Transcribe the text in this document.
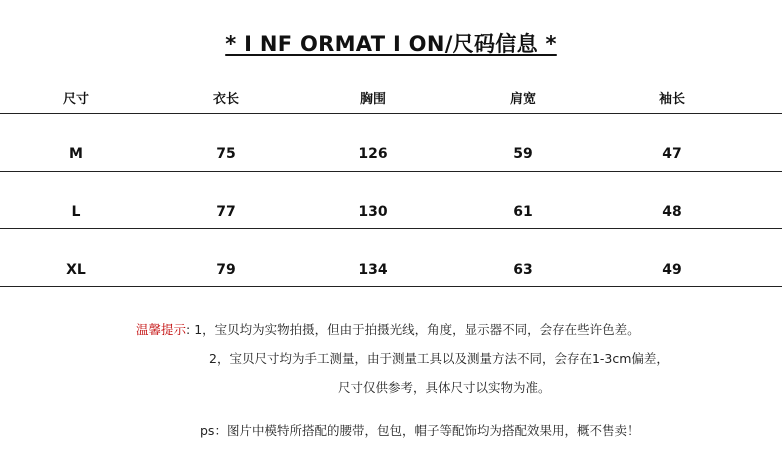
* I NF ORMAT I ON/尺码信息 *
尺寸	衣长	胸围	肩宽	袖长
M	75	126	59	47
L	77	130	61	48
XL	79	134	63	49
温馨提示: 1，宝贝均为实物拍摄，但由于拍摄光线，角度，显示器不同，会存在些许色差。
2，宝贝尺寸均为手工测量，由于测量工具以及测量方法不同，会存在1-3cm偏差，
尺寸仅供参考，具体尺寸以实物为准。
ps：图片中模特所搭配的腰带，包包，帽子等配饰均为搭配效果用，概不售卖！
